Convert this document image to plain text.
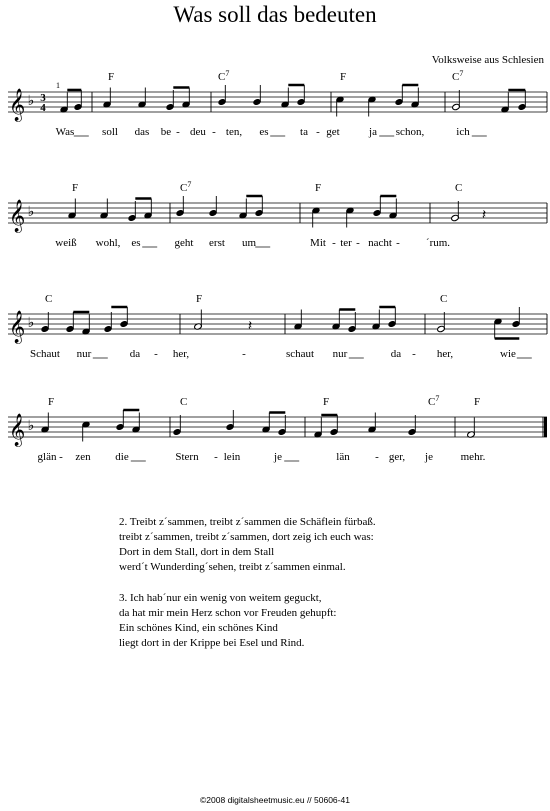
Was soll das bedeuten
Volksweise aus Schlesien
𝄞 ♭ 3
4
1
F	$C^7$	F	$C^7$
Was	soll das be - deu - ten, es	ta - get	ja schon,	ich
𝄞 ♭
F	$C^7$	F	C
𝄽
weiß wohl, es	geht erst um	Mit - ter - nacht - ´rum.
𝄞 ♭
C	F	C
𝄽
Schaut nur	da - her,	-	schaut nur	da - her,	wie
𝄞 ♭
F	C	F	$C^7$	F
glän - zen die	Stern - lein	je	län - ger, je	mehr.
2. Treibt z´sammen, treibt z´sammen die Schäflein fürbaß.
treibt z´sammen, treibt z´sammen, dort zeig ich euch was:
Dort in dem Stall, dort in dem Stall
werd´t Wunderding´sehen, treibt z´sammen einmal.
3. Ich hab´nur ein wenig von weitem geguckt,
da hat mir mein Herz schon vor Freuden gehupft:
Ein schönes Kind, ein schönes Kind
liegt dort in der Krippe bei Esel und Rind.
©2008 digitalsheetmusic.eu // 50606-41
